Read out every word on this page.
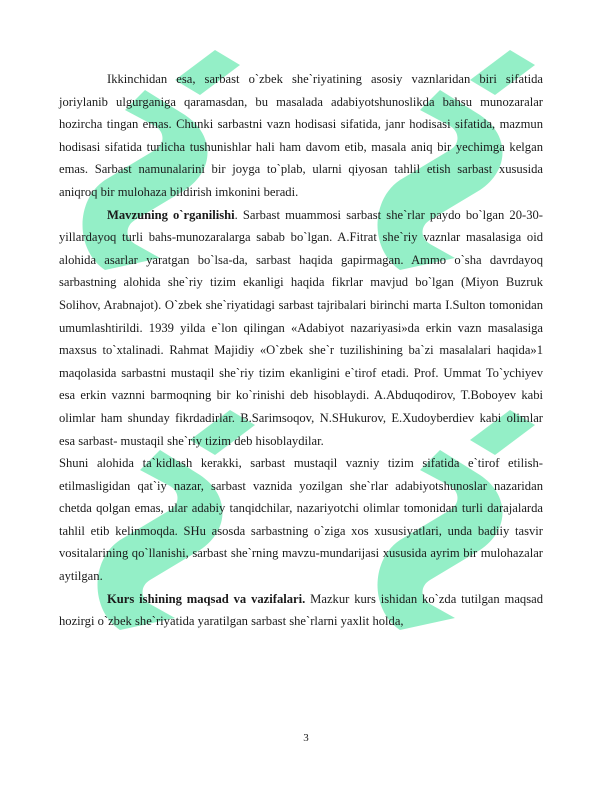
Ikkinchidan esa, sarbast o`zbek she`riyatining asosiy vaznlaridan biri sifatida joriylanib ulgurganiga qaramasdan, bu masalada adabiyotshunoslikda bahsu munozaralar hozircha tingan emas. Chunki sarbastni vazn hodisasi sifatida, janr hodisasi sifatida, mazmun hodisasi sifatida turlicha tushunishlar hali ham davom etib, masala aniq bir yechimga kelgan emas. Sarbast namunalarini bir joyga to`plab, ularni qiyosan tahlil etish sarbast xususida aniqroq bir mulohaza bildirish imkonini beradi.

Mavzuning o`rganilishi. Sarbast muammosi sarbast she`rlar paydo bo`lgan 20-30-yillardayoq turli bahs-munozaralarga sabab bo`lgan. A.Fitrat she`riy vaznlar masalasiga oid alohida asarlar yaratgan bo`lsa-da, sarbast haqida gapirmagan. Ammo o`sha davrdayoq sarbastning alohida she`riy tizim ekanligi haqida fikrlar mavjud bo`lgan (Miyon Buzruk Solihov, Arabnajot). O`zbek she`riyatidagi sarbast tajribalari birinchi marta I.Sulton tomonidan umumlashtirildi. 1939 yilda e`lon qilingan «Adabiyot nazariyasi»da erkin vazn masalasiga maxsus to`xtalinadi. Rahmat Majidiy «O`zbek she`r tuzilishining ba`zi masalalari haqida»1 maqolasida sarbastni mustaqil she`riy tizim ekanligini e`tirof etadi. Prof. Ummat To`ychiyev esa erkin vaznni barmoqning bir ko`rinishi deb hisoblaydi. A.Abduqodirov, T.Boboyev kabi olimlar ham shunday fikrdadirlar. B.Sarimsoqov, N.SHukurov, E.Xudoyberdiev kabi olimlar esa sarbast- mustaqil she`riy tizim deb hisoblaydilar.

Shuni alohida ta`kidlash kerakki, sarbast mustaqil vazniy tizim sifatida e`tirof etilish-etilmasligidan qat`iy nazar, sarbast vaznida yozilgan she`rlar adabiyotshunoslar nazaridan chetda qolgan emas, ular adabiy tanqidchilar, nazariyotchi olimlar tomonidan turli darajalarda tahlil etib kelinmoqda. SHu asosda sarbastning o`ziga xos xususiyatlari, unda badiiy tasvir vositalarining qo`llanishi, sarbast she`rning mavzu-mundarijasi xususida ayrim bir mulohazalar aytilgan.

Kurs ishining maqsad va vazifalari. Mazkur kurs ishidan ko`zda tutilgan maqsad hozirgi o`zbek she`riyatida yaratilgan sarbast she`rlarni yaxlit holda,

3
